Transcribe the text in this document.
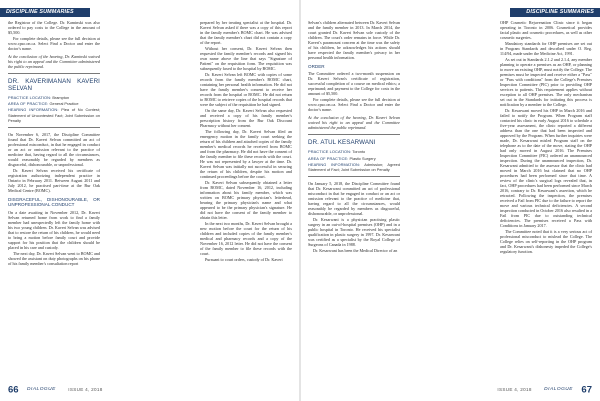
DISCIPLINE SUMMARIES	DISCIPLINE SUMMARIES

the Registrar of the College. Dr. Kaminski was also ordered to pay costs to the College in the amount of $5,500.

For complete details, please see the full decision at www.cpso.on.ca. Select Find a Doctor and enter the doctor's name.

At the conclusion of the hearing, Dr. Kaminski waived his right to an appeal and the Committee administered the public reprimand.

DR. KAVERIMANAN KAVERI SELVAN

PRACTICE LOCATION: Brampton

AREA OF PRACTICE: General Practice

HEARING INFORMATION: Plea of No Contest; Statement of Uncontested Fact; Joint Submission on Penalty

On November 6, 2017, the Discipline Committee found that Dr. Kaveri Selvan committed an act of professional misconduct, in that he engaged in conduct or an act or omission relevant to the practice of medicine that, having regard to all the circumstances, would reasonably be regarded by members as disgraceful, dishonourable, or unprofessional.

Dr. Kaveri Selvan received his certificate of registration authorizing independent practice in Ontario in February 2011. Between August 2011 and July 2012, he practised part-time at the Bur Oak Medical Centre (BOMC).

DISGRACEFUL, DISHONOURABLE, OR UNPROFESSIONAL CONDUCT

On a date awaiting in November 2012, Dr. Kaveri Selvan returned home from work to find a family member had unexpectedly left the family home with his two young children. Dr. Kaveri Selvan was advised that to restore the return of his children, he would need to bring a motion before family court and provide support for his position that the children should be placed in his care and custody.

The next day, Dr. Kaveri Selvan went to BOMC and showed the assistant on duty photographs on his phone of his family member's consultation report

prepared by her treating specialist at the hospital. Dr. Kaveri Selvan asked if there was a copy of this report in the family member's BOMC chart. He was advised that the family member's chart did not contain a copy of the report.

Without her consent, Dr. Kaveri Selvan then requested the family member's records and signed his own name above the line that says "Signature of Patient" on the requisition form. The requisition was subsequently faxed to the hospital by BOMC.

Dr. Kaveri Selvan left BOMC with copies of some records from the family member's BOMC chart, containing her personal health information. He did not have the family member's consent to receive her records from the hospital or BOMC. He did not return to BOMC to retrieve copies of the hospital records that were the subject of the requisition he had signed.

On the same day, Dr. Kaveri Selvan also requested and received a copy of his family member's prescription history from the Bur Oak Discount Pharmacy without her consent.

The following day, Dr. Kaveri Selvan filed an emergency motion in the family court seeking the return of his children and attached copies of the family member's medical records he received from BOMC and from the pharmacy. He did not have the consent of the family member to file these records with the court. He was not represented by a lawyer at the time. Dr. Kaveri Selvan was initially not successful in securing the return of his children, despite his motion and continued proceedings before the court.

Dr. Kaveri Selvan subsequently obtained a letter from BOMC, dated November 16, 2012, including information about his family member, which was written on BOMC primary physician's letterhead, bearing the primary physician's name and what appeared to be the primary physician's signature. He did not have the consent of the family member to obtain this letter.

In the next two months, Dr. Kaveri Selvan brought a new motion before the court for the return of his children and included copies of the family member's medical and pharmacy records and a copy of the November 16, 2012 letter. He did not have the consent of the family member to file these records with the court.

Pursuant to court orders, custody of Dr. Kaveri

Selvan's children alternated between Dr. Kaveri Selvan and the family member in 2013. In March 2014, the court granted Dr. Kaveri Selvan sole custody of the children. The court's order remains in force. While Dr. Kaveri's paramount concern at the time was the safety of his children, he acknowledges his actions should have respected the family member's privacy in her personal health information.

ORDER

The Committee ordered a two-month suspension on Dr. Kaveri Selvan's certificate of registration, successful completion of a course on medical ethics; a reprimand; and payment to the College for costs in the amount of $5,500.

For complete details, please see the full decision at www.cpso.on.ca. Select Find a Doctor and enter the doctor's name.

At the conclusion of the hearing, Dr. Kaveri Selvan waived his right to an appeal and the Committee administered the public reprimand.

DR. ATUL KESARWANI

PRACTICE LOCATION: Toronto

AREA OF PRACTICE: Plastic Surgery

HEARING INFORMATION: Admission; Agreed Statement of Fact; Joint Submission on Penalty

On January 5, 2018, the Discipline Committee found that Dr. Kesarwani committed an act of professional misconduct in that he engaged in conduct or an act or omission relevant to the practice of medicine that, having regard to all the circumstances, would reasonably be regarded by members as disgraceful, dishonourable, or unprofessional.

Dr. Kesarwani is a physician practising plastic surgery in an out-of-hospital premises (OHP) and in a public hospital in Toronto. He received his specialist qualification in plastic surgery in 1997. Dr. Kesarwani was certified as a specialist by the Royal College of Surgeons of Canada in 1988.

Dr. Kesarwani has been the Medical Director of an

OHP Cosmetic Rejuvenation Clinic since it began operating in Toronto in 2006. Cosmetical provides facial plastic and cosmetic procedures, as well as other cosmetic surgeries.

Mandatory standards for OHP premises are set out in Program Standards and described under O. Reg. 114/94, made under the Medicine Act, 1991.

As set out in Standards 2.1.2 and 2.1.4, any member planning to operate a premises as an OHP, or planning to move an existing OHP, must notify the College. The premises must be inspected and receive either a "Pass" or "Pass with conditions" from the College's Premises Inspection Committee (PIC) prior to providing OHP services to patients. This requirement applies without exception to all OHP premises. The only mechanism set out in the Standards for initiating this process is notification by a member to the College.

Dr. Kesarwani moved his OHP in March 2016 and failed to notify the Program. When Program staff contacted his clinic in early August 2016 to schedule a five-year assessment, the clinic reported a different address than the one that had been inspected and approved by the Program. When further inquiries were made, Dr. Kesarwani misled Program staff on the telephone as to the date of the move, stating the OHP had only moved in August 2016. The Premises Inspection Committee (PIC) ordered an unannounced inspection. During the unannounced inspection, Dr. Kesarwani admitted to the assessor that the clinic had moved in March 2016 but claimed that no OHP procedures had been performed since that time. A review of the clinic's surgical logs revealed that, in fact, OHP procedures had been performed since March 2016, contrary to Dr. Kesarwani's assertion, which he retracted. Following the inspection, the premises received a Fail from PIC due to the failure to report the move and various technical deficiencies. A second inspection conducted in October 2016 also resulted in a Fail from PIC due to outstanding technical deficiencies. The premises received a Pass with Conditions in January 2017.

The Committee noted that it is a very serious act of professional misconduct to mislead the College. The College relies on self-reporting in the OHP program and Dr. Kesarwani's dishonesty impeded the College's regulatory function.

66 DIALOGUE	ISSUE 4, 2018	ISSUE 4, 2018	DIALOGUE 67
